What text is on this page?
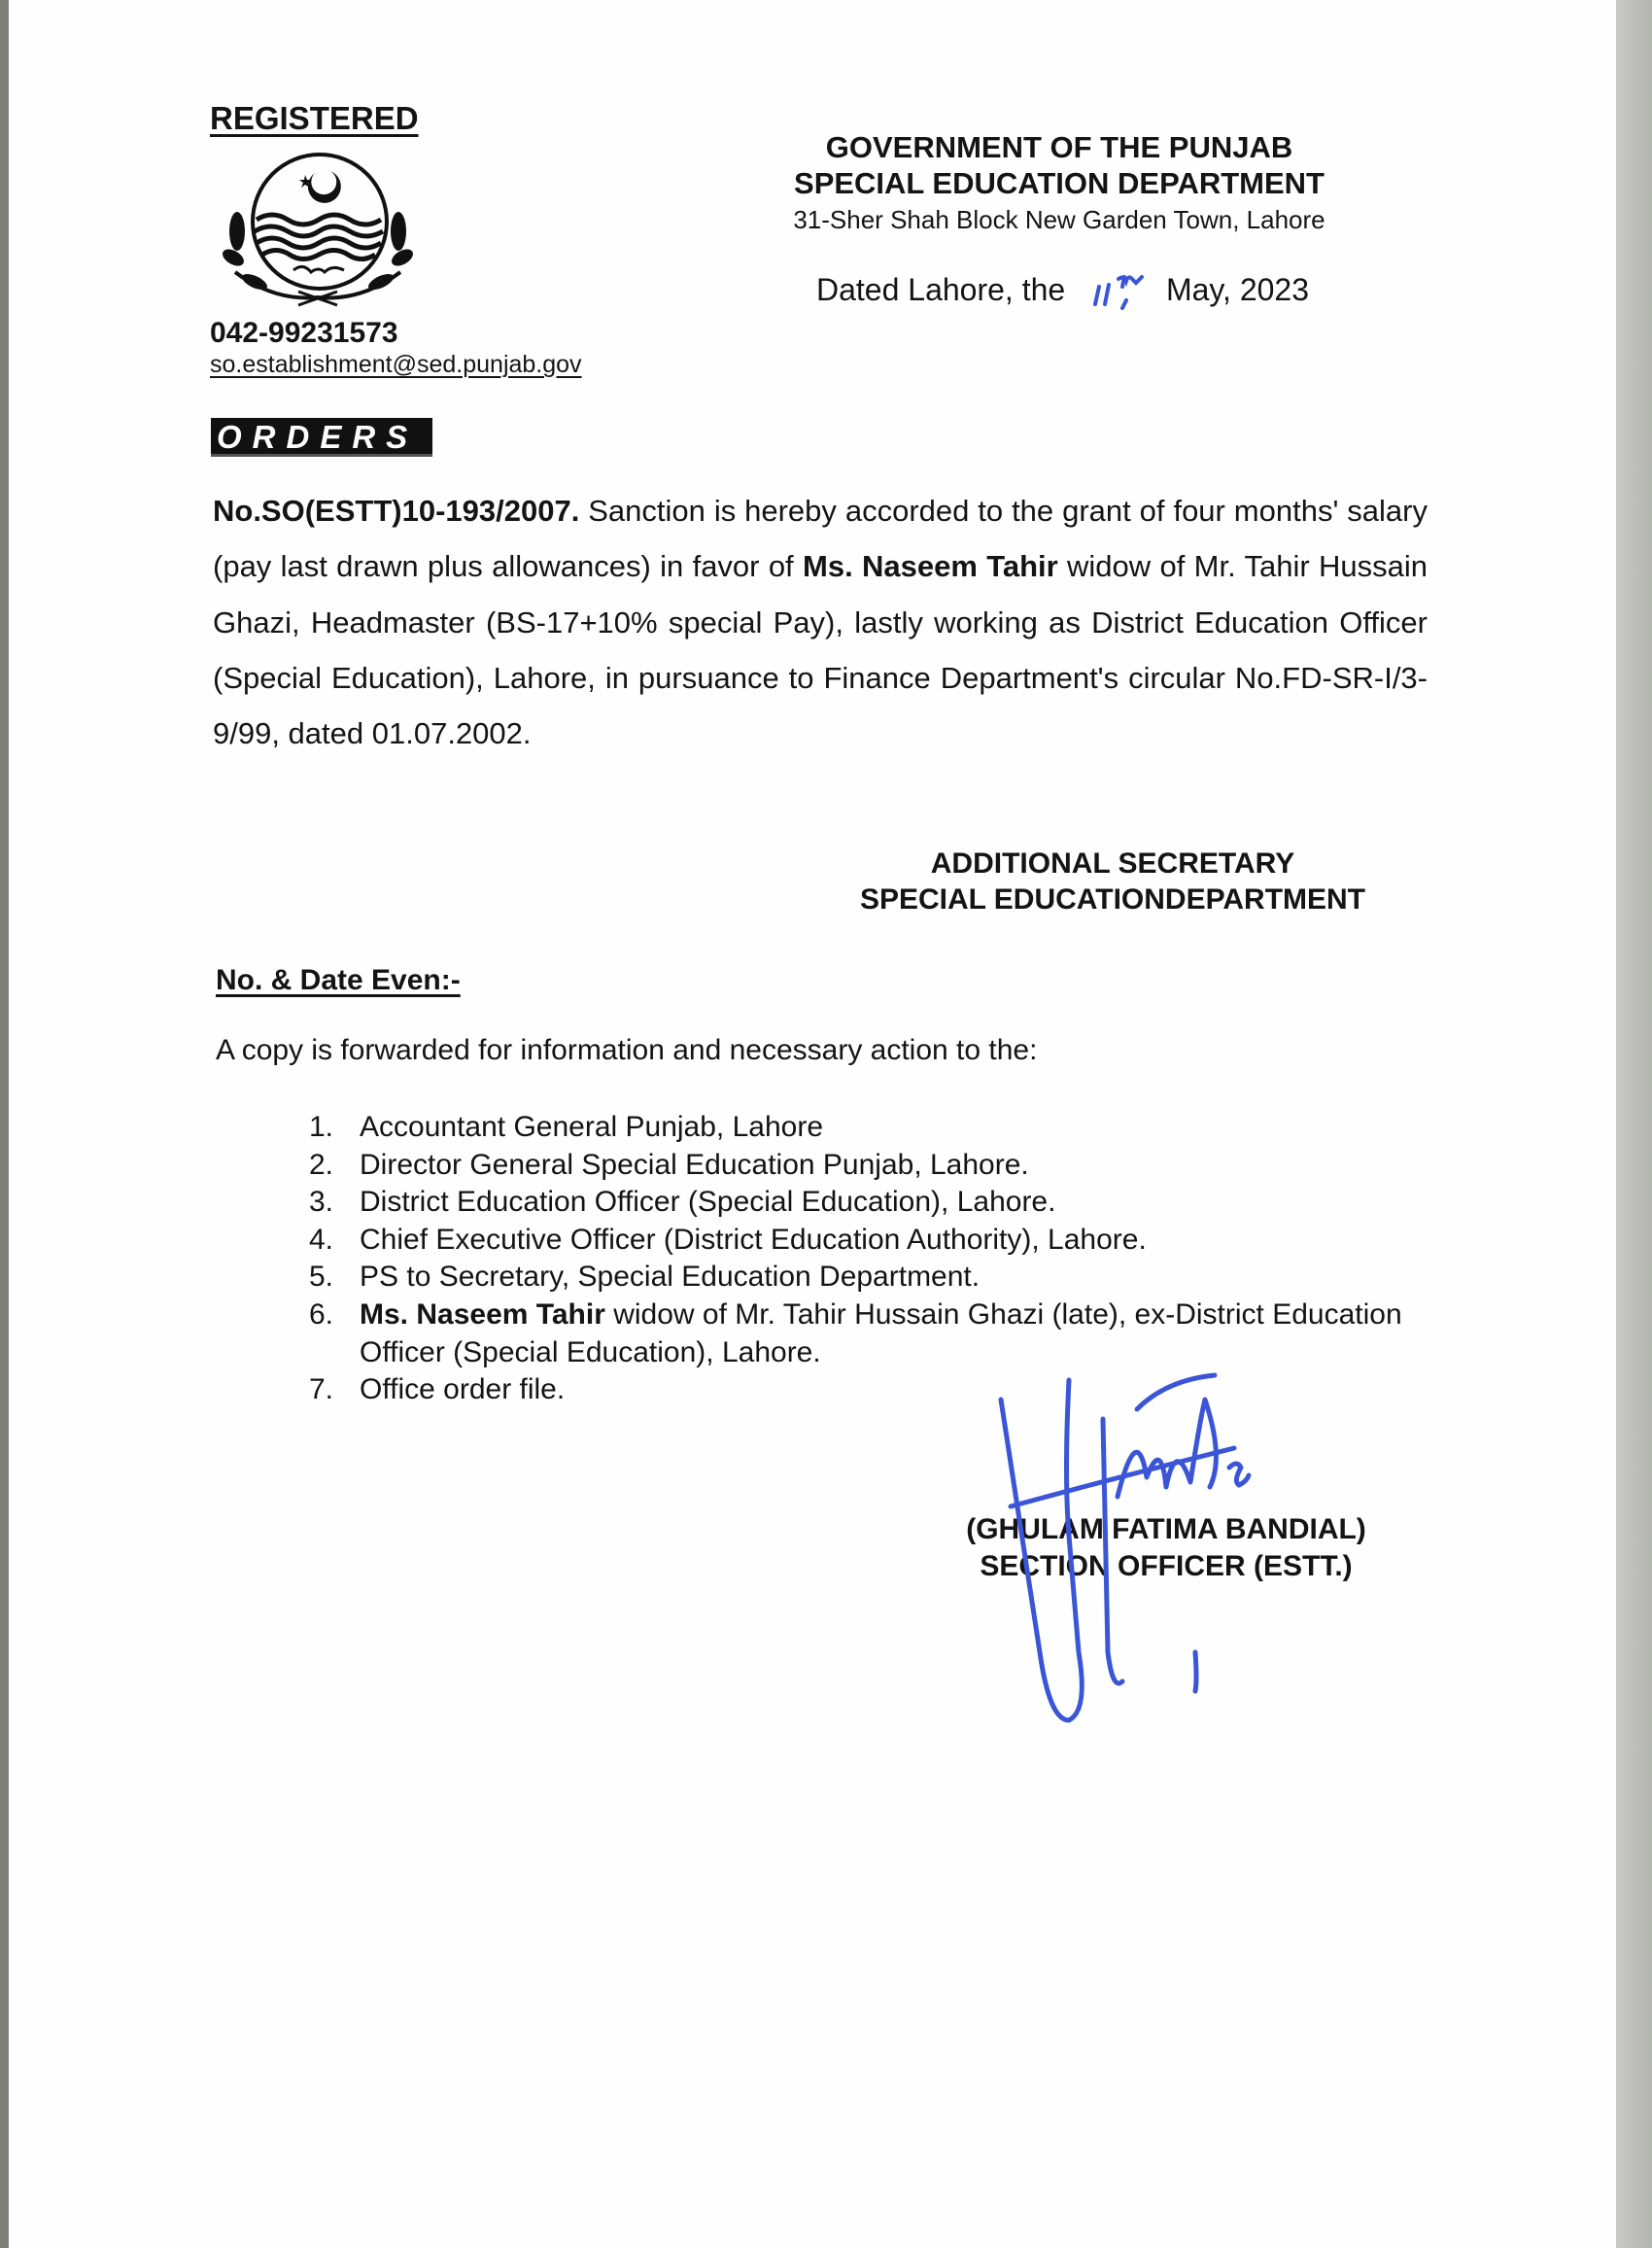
REGISTERED
042-99231573
so.establishment@sed.punjab.gov
GOVERNMENT OF THE PUNJAB
SPECIAL EDUCATION DEPARTMENT
31-Sher Shah Block New Garden Town, Lahore
Dated Lahore, the	May, 2023
ORDERS
No.SO(ESTT)10-193/2007. Sanction is hereby accorded to the grant of four months' salary (pay last drawn plus allowances) in favor of Ms. Naseem Tahir widow of Mr. Tahir Hussain Ghazi, Headmaster (BS-17+10% special Pay), lastly working as District Education Officer (Special Education), Lahore, in pursuance to Finance Department's circular No.FD-SR-I/3-9/99, dated 01.07.2002.
ADDITIONAL SECRETARY
SPECIAL EDUCATIONDEPARTMENT
No. & Date Even:-
A copy is forwarded for information and necessary action to the:
1. Accountant General Punjab, Lahore
2. Director General Special Education Punjab, Lahore.
3. District Education Officer (Special Education), Lahore.
4. Chief Executive Officer (District Education Authority), Lahore.
5. PS to Secretary, Special Education Department.
6. Ms. Naseem Tahir widow of Mr. Tahir Hussain Ghazi (late), ex-District Education Officer (Special Education), Lahore.
7. Office order file.
(GHULAM FATIMA BANDIAL)
SECTION OFFICER (ESTT.)
